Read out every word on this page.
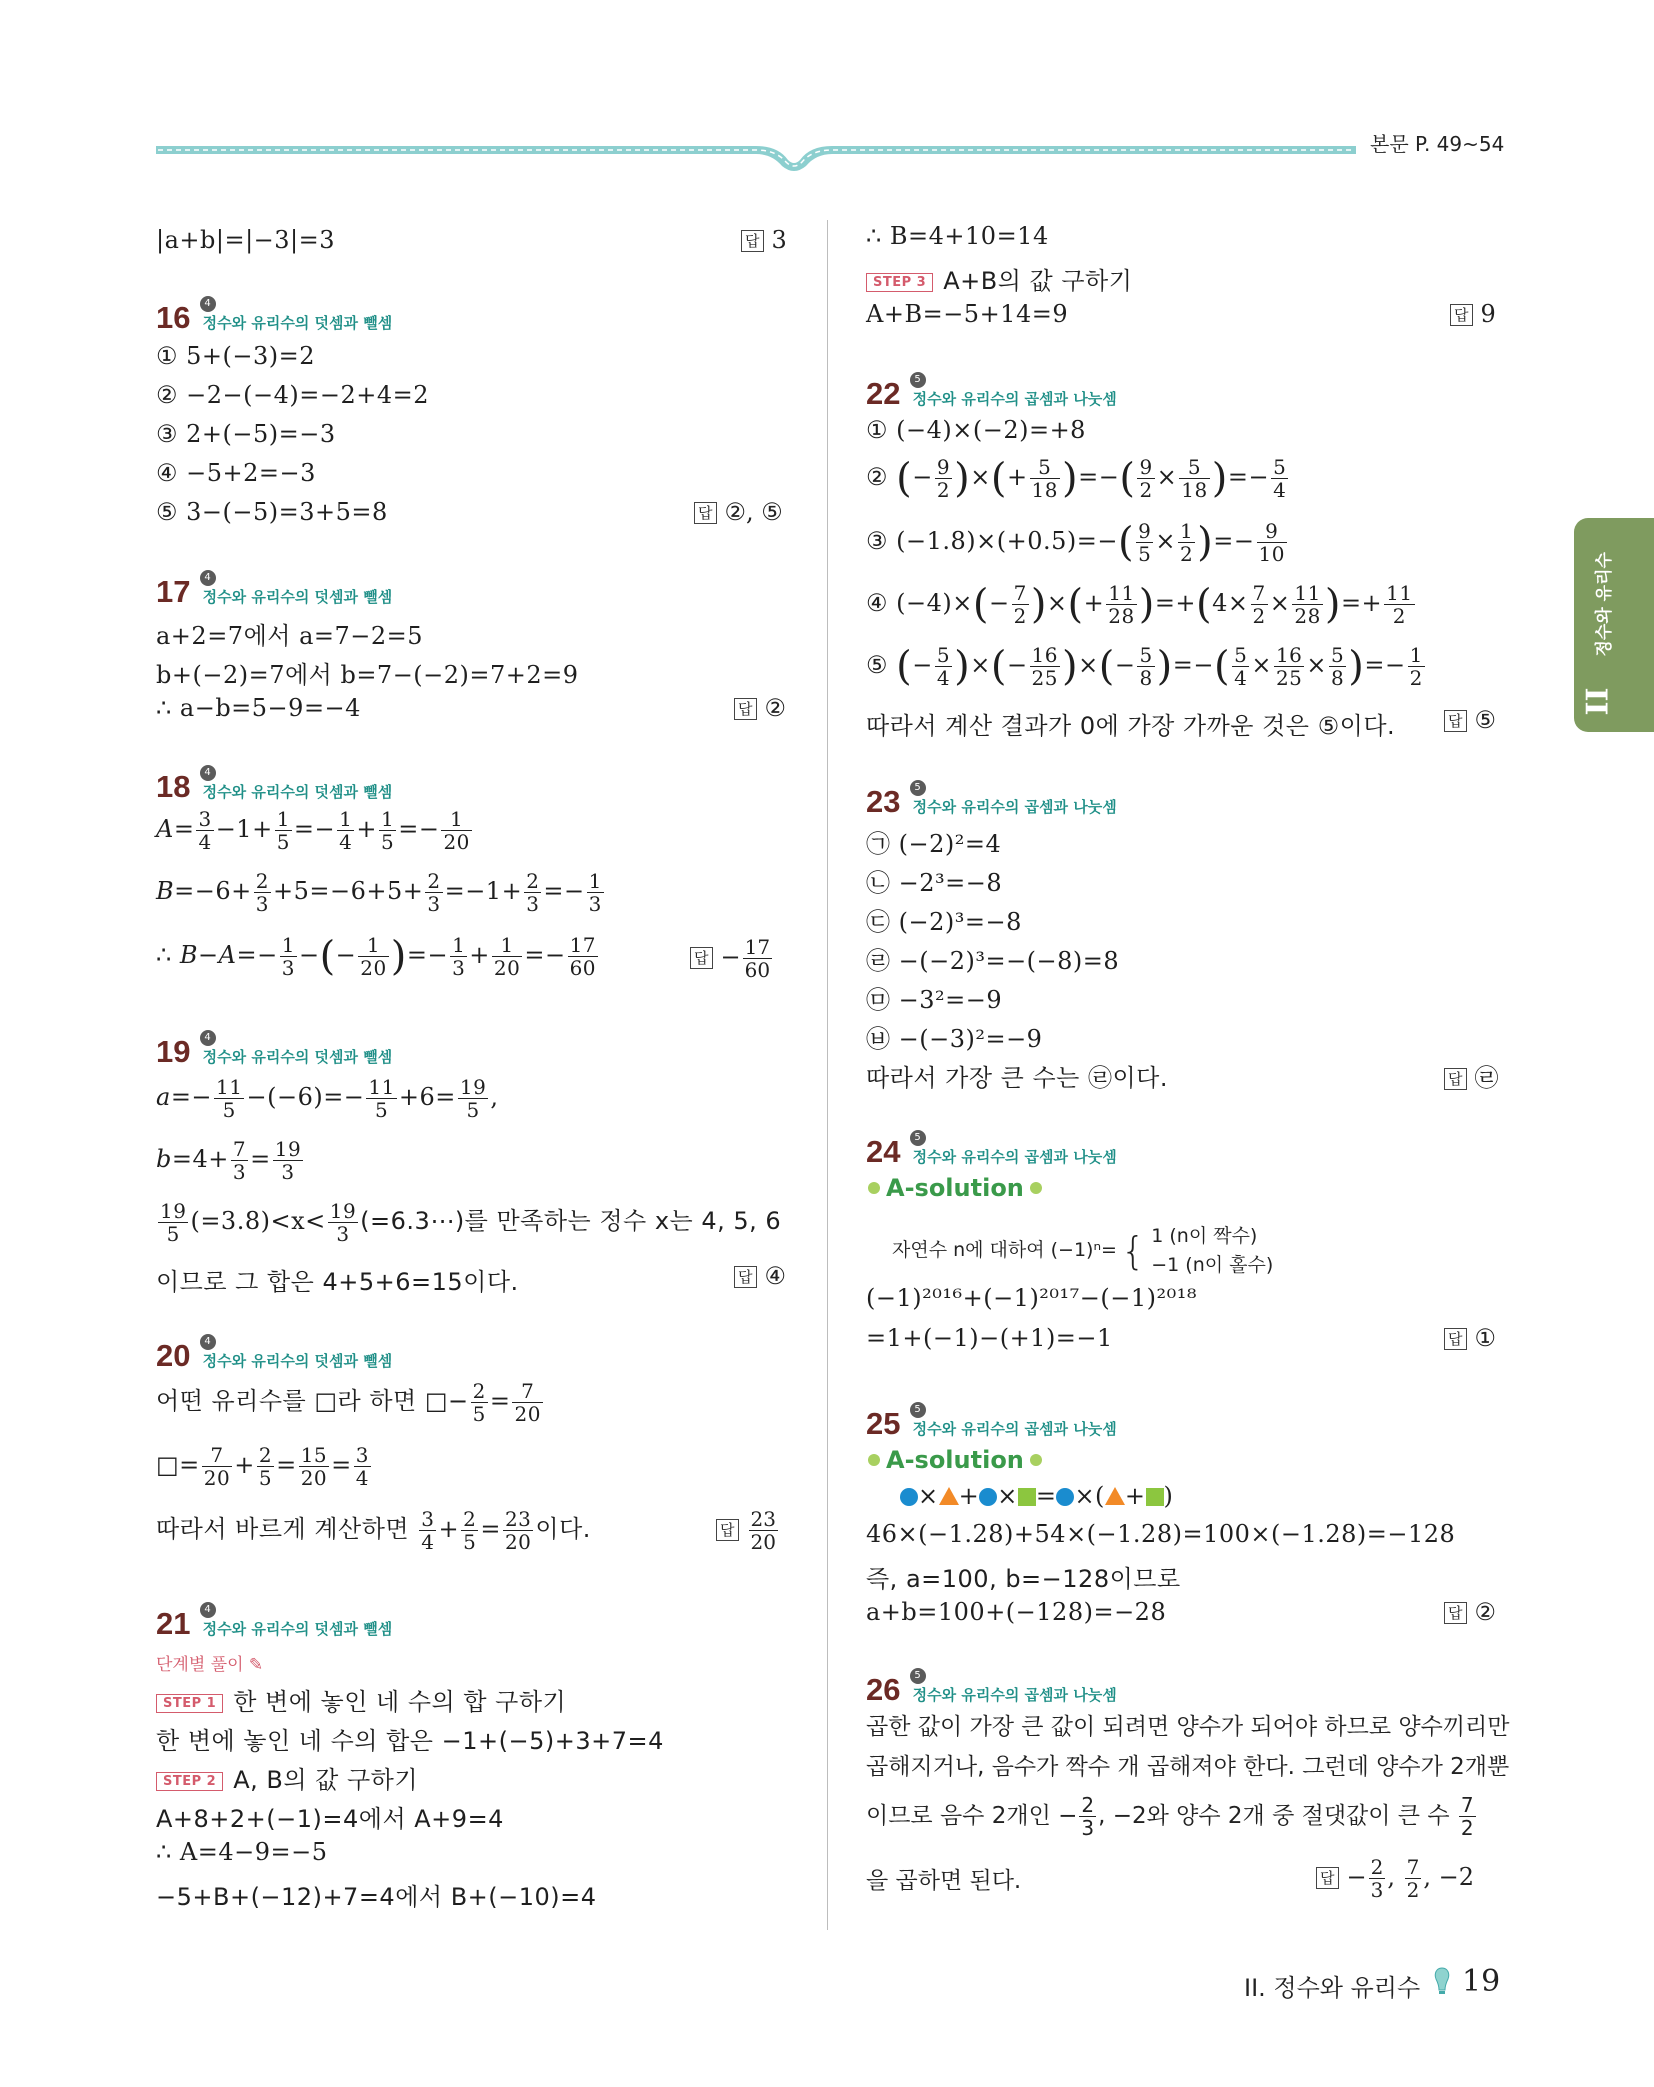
본문 P. 49~54
II
정수와 유리수
|a+b|=|−3|=3	답 3
16 4 정수와 유리수의 덧셈과 뺄셈
① 5+(−3)=2
② −2−(−4)=−2+4=2
③ 2+(−5)=−3
④ −5+2=−3
⑤ 3−(−5)=3+5=8	답 ②, ⑤
17 4 정수와 유리수의 덧셈과 뺄셈
a+2=7에서 a=7−2=5
b+(−2)=7에서 b=7−(−2)=7+2=9
∴ a−b=5−9=−4	답 ②
18 4 정수와 유리수의 덧셈과 뺄셈
$A= \frac{3}{4} -1+ \frac{1}{5} =- \frac{1}{4} + \frac{1}{5} =- \frac{1}{20}$
$B=-6+ \frac{2}{3} +5=-6+5+ \frac{2}{3} =-1+ \frac{2}{3} =- \frac{1}{3}$
∴ $B-A=- \frac{1}{3}$ −(− $\frac{1}{20}$ )=− $\frac{1}{3} + \frac{1}{20} =- \frac{17}{60}$	답 − $\frac{17}{60}$
19 4 정수와 유리수의 덧셈과 뺄셈
$a=- \frac{11}{5} -(-6)=- \frac{11}{5} +6= \frac{19}{5}$ ,
$b=4+ \frac{7}{3} = \frac{19}{3}$
$\frac{19}{5} (=3.8)<x< \frac{19}{3}$ (=6.3⋯)를 만족하는 정수 x는 4, 5, 6
이므로 그 합은 4+5+6=15이다.	답 ④
20 4 정수와 유리수의 덧셈과 뺄셈
어떤 유리수를 □라 하면 □− $\frac{2}{5} = \frac{7}{20}$
□= $\frac{7}{20} + \frac{2}{5} = \frac{15}{20} = \frac{3}{4}$
따라서 바르게 계산하면 $\frac{3}{4} + \frac{2}{5} = \frac{23}{20}$ 이다.	답 $\frac{23}{20}$
21 4 정수와 유리수의 덧셈과 뺄셈
단계별 풀이 ✎
STEP 1 한 변에 놓인 네 수의 합 구하기
한 변에 놓인 네 수의 합은 −1+(−5)+3+7=4
STEP 2 A, B의 값 구하기
A+8+2+(−1)=4에서 A+9=4
∴ A=4−9=−5
−5+B+(−12)+7=4에서 B+(−10)=4
∴ B=4+10=14
STEP 3 A+B의 값 구하기
A+B=−5+14=9	답 9
22 5 정수와 유리수의 곱셈과 나눗셈
① (−4)×(−2)=+8
② (− $\frac{9}{2}$ )×(+ $\frac{5}{18}$ )=−( $\frac{9}{2} \times \frac{5}{18}$ )=− $\frac{5}{4}$
③ $(-1.8)\times(+0.5)=-( \frac{9}{5} \times \frac{1}{2}$ )=− $\frac{9}{10}$
④ $(-4)\times(- \frac{7}{2}$ )×(+ $\frac{11}{28} )=+(4\times \frac{7}{2} \times \frac{11}{28}$ )=+ $\frac{11}{2}$
⑤ (− $\frac{5}{4}$ )×(− $\frac{16}{25}$ )×(− $\frac{5}{8}$ )=−( $\frac{5}{4} \times \frac{16}{25} \times \frac{5}{8}$ )=− $\frac{1}{2}$
따라서 계산 결과가 0에 가장 가까운 것은 ⑤이다.	답 ⑤
23 5 정수와 유리수의 곱셈과 나눗셈
㉠ (−2)²=4
㉡ −2³=−8
㉢ (−2)³=−8
㉣ −(−2)³=−(−8)=8
㉤ −3²=−9
㉥ −(−3)²=−9
따라서 가장 큰 수는 ㉣이다.	답 ㉣
24 5 정수와 유리수의 곱셈과 나눗셈
A-solution
자연수 n에 대하여 (−1)ⁿ= { 1 (n이 짝수)
−1 (n이 홀수)
(−1)²⁰¹⁶+(−1)²⁰¹⁷−(−1)²⁰¹⁸
=1+(−1)−(+1)=−1	답 ①
25 5 정수와 유리수의 곱셈과 나눗셈
A-solution
× + × = ×( + )
46×(−1.28)+54×(−1.28)=100×(−1.28)=−128
즉, a=100, b=−128이므로
a+b=100+(−128)=−28	답 ②
26 5 정수와 유리수의 곱셈과 나눗셈
곱한 값이 가장 큰 값이 되려면 양수가 되어야 하므로 양수끼리만
곱해지거나, 음수가 짝수 개 곱해져야 한다. 그런데 양수가 2개뿐
이므로 음수 2개인 − $\frac{2}{3}$ , −2와 양수 2개 중 절댓값이 큰 수 $\frac{7}{2}$
을 곱하면 된다.	답 − $\frac{2}{3}$ , $\frac{7}{2}$ , −2
II. 정수와 유리수 19
